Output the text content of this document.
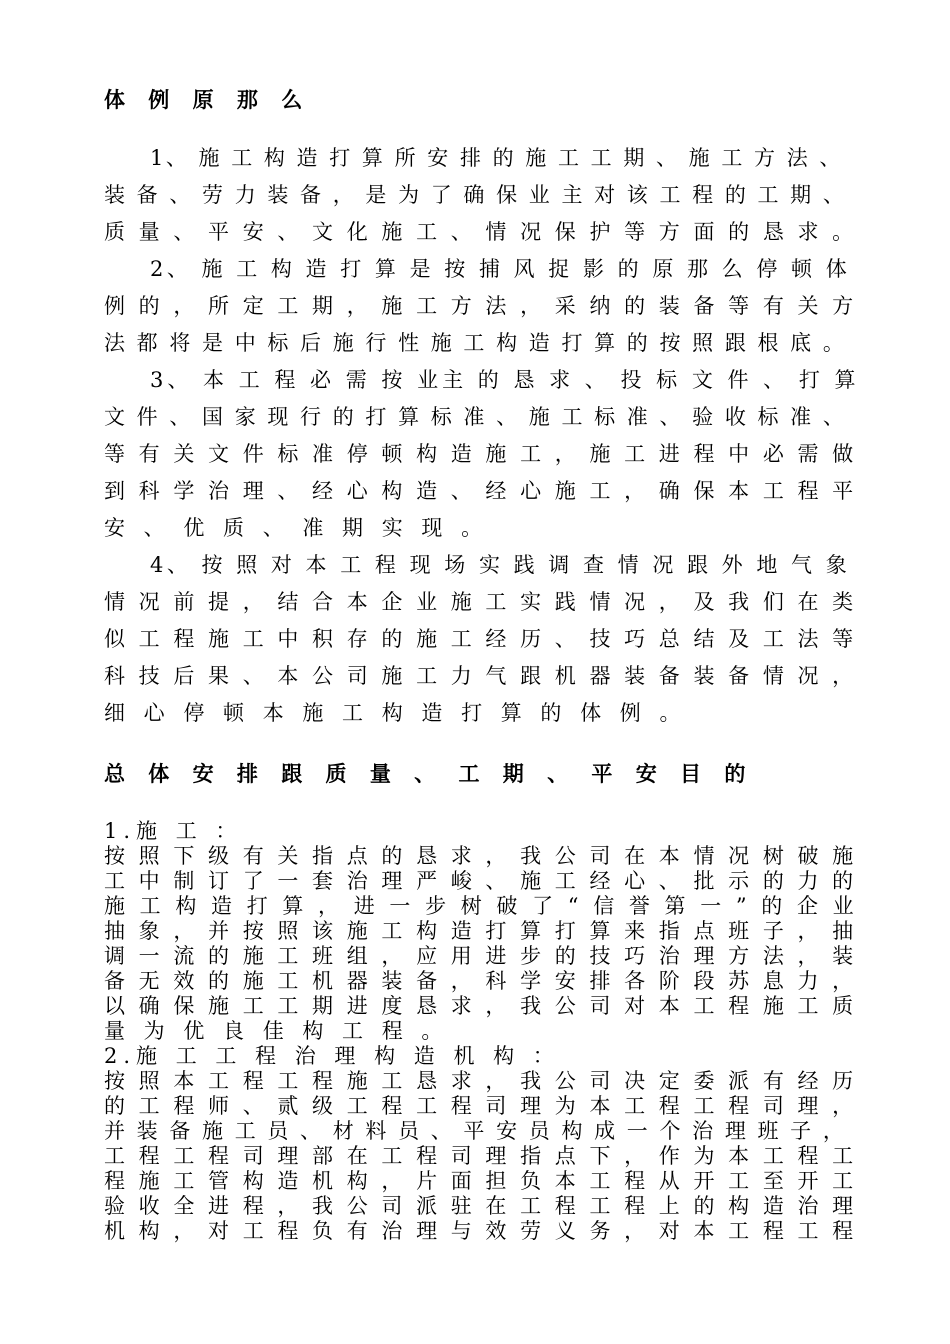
体 例 原 那 么
1、 施 工 构 造 打 算 所 安 排 的 施 工 工 期 、 施 工 方 法 、
装 备 、 劳 力 装 备 ， 是 为 了 确 保 业 主 对 该 工 程 的 工 期 、
质 量 、 平 安 、 文 化 施 工 、 情 况 保 护 等 方 面 的 恳 求 。
2、 施 工 构 造 打 算 是 按 捕 风 捉 影 的 原 那 么 停 顿 体
例 的 ， 所 定 工 期 ， 施 工 方 法 ， 采 纳 的 装 备 等 有 关 方
法 都 将 是 中 标 后 施 行 性 施 工 构 造 打 算 的 按 照 跟 根 底 。
3、 本 工 程 必 需 按 业主 的 恳 求 、 投 标 文 件 、 打 算
文 件 、 国 家 现 行 的 打 算 标 准 、 施 工 标 准 、 验 收 标 准 、
等 有 关 文 件 标 准 停 顿 构 造 施 工 ， 施 工 进 程 中 必 需 做
到 科 学 治 理 、 经 心 构 造 、 经 心 施 工 ， 确 保 本 工 程 平
安 、 优 质 、 准 期 实 现 。
4、 按 照 对 本 工 程 现 场 实 践 调 查 情 况 跟 外 地 气 象
情 况 前 提 ， 结 合 本 企 业 施 工 实 践 情 况 ， 及 我 们 在 类
似 工 程 施 工 中 积 存 的 施 工 经 历 、 技 巧 总 结 及 工 法 等
科 技 后 果 、 本 公 司 施 工 力 气 跟 机 器 装 备 装 备 情 况 ，
细 心 停 顿 本 施 工 构 造 打 算 的 体 例 。
总 体 安 排 跟 质 量 、 工 期 、 平 安 目 的
1.施 工 ：
按 照 下 级 有 关 指 点 的 恳 求 ， 我 公 司 在 本 情 况 树 破 施
工 中 制 订 了 一 套 治 理 严 峻 、 施 工 经 心 、 批 示 的 力 的
施 工 构 造 打 算 ， 进 一 步 树 破 了 “ 信 誉 第 一 ” 的 企 业
抽 象 ， 并 按 照 该 施 工 构 造 打 算 打 算 来 指 点 班 子 ， 抽
调 一 流 的 施 工 班 组 ， 应 用 进 步 的 技 巧 治 理 方 法 ， 装
备 无 效 的 施 工 机 器 装 备 ， 科 学 安 排 各 阶 段 苏 息 力 ，
以 确 保 施 工 工 期 进 度 恳 求 ， 我 公 司 对 本 工 程 施 工 质
量 为 优 良 佳 构 工 程 。
2.施 工 工 程 治 理 构 造 机 构 ：
按 照 本 工 程 工 程 施 工 恳 求 ， 我 公 司 决 定 委 派 有 经 历
的 工 程 师 、 贰 级 工 程 工 程 司 理 为 本 工 程 工 程 司 理 ，
并 装 备 施 工 员 、 材 料 员 、 平 安 员 构 成 一 个 治 理 班 子 ，
工 程 工 程 司 理 部 在 工 程 司 理 指 点 下 ， 作 为 本 工 程 工
程 施 工 管 构 造 机 构 ， 片 面 担 负 本 工 程 从 开 工 至 开 工
验 收 全 进 程 ， 我 公 司 派 驻 在 工 程 工 程 上 的 构 造 治 理
机 构 ， 对 工 程 负 有 治 理 与 效 劳 义 务 ， 对 本 工 程 工 程
